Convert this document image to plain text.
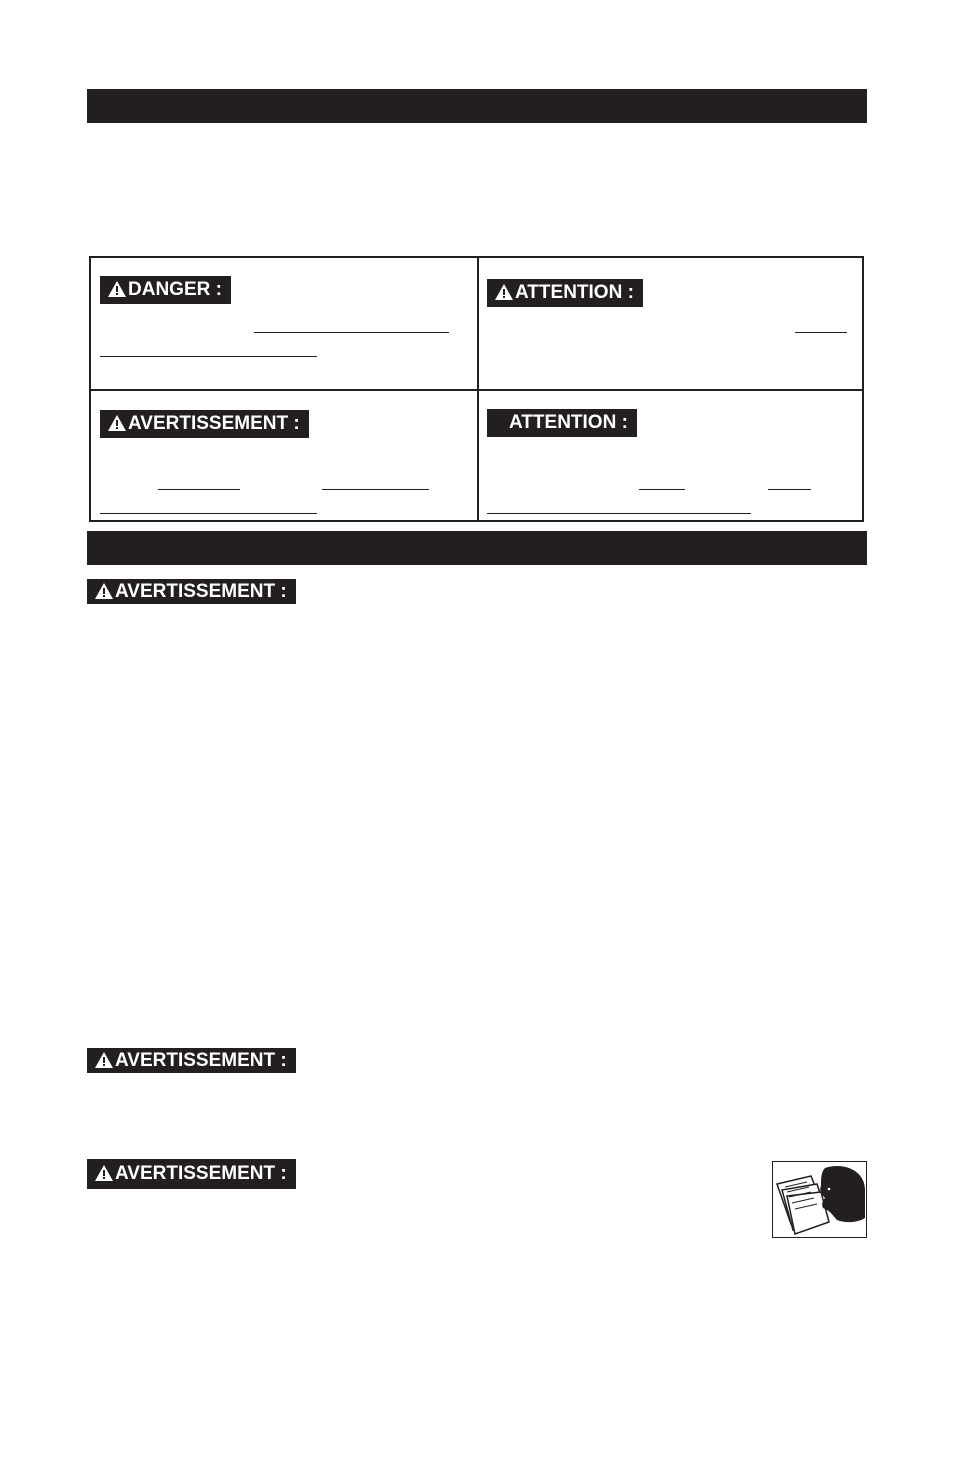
DANGER :	ATTENTION :
AVERTISSEMENT :	ATTENTION :
AVERTISSEMENT :
AVERTISSEMENT :
AVERTISSEMENT :
